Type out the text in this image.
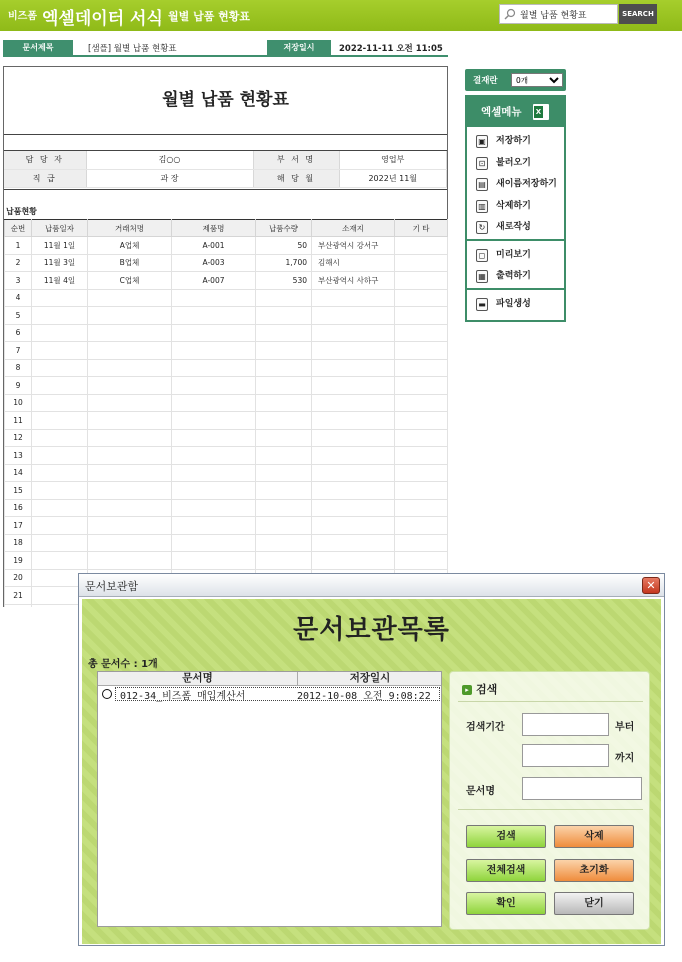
비즈폼 엑셀데이터 서식 월별 납품 현황표
월별 납품 현황표	SEARCH
문서제목	[샘플] 월별 납품 현황표	저장일시	2022-11-11 오전 11:05
월별 납품 현황표
담 당 자	김○○	부 서 명	영업부
직 급	과 장	해 당 월	2022년 11월
납품현황
순번	납품일자	거래처명	제품명	납품수량	소재지	기 타
1	11월 1일	A업체	A-001	50	부산광역시 강서구	
2	11월 3일	B업체	A-003	1,700	김해시	
3	11월 4일	C업체	A-007	530	부산광역시 사하구	
4						
5						
6						
7						
8						
9						
10						
11						
12						
13						
14						
15						
16						
17						
18						
19						
20						
21						

결재란
0개
엑셀메뉴 X
▣ 저장하기
⊡ 불러오기
▤ 새이름저장하기
▥ 삭제하기
↻ 새로작성
◻ 미리보기
▦ 출력하기
▬ 파일생성
문서보관함	✕
문서보관목록
총 문서수 : 1개
문서명	저장일시
012-34_비즈폼 매입계산서	2012-10-08 오전 9:08:22
▸ 검색
검색기간	부터
까지
문서명
검색	삭제
전체검색	초기화
확인	닫기
